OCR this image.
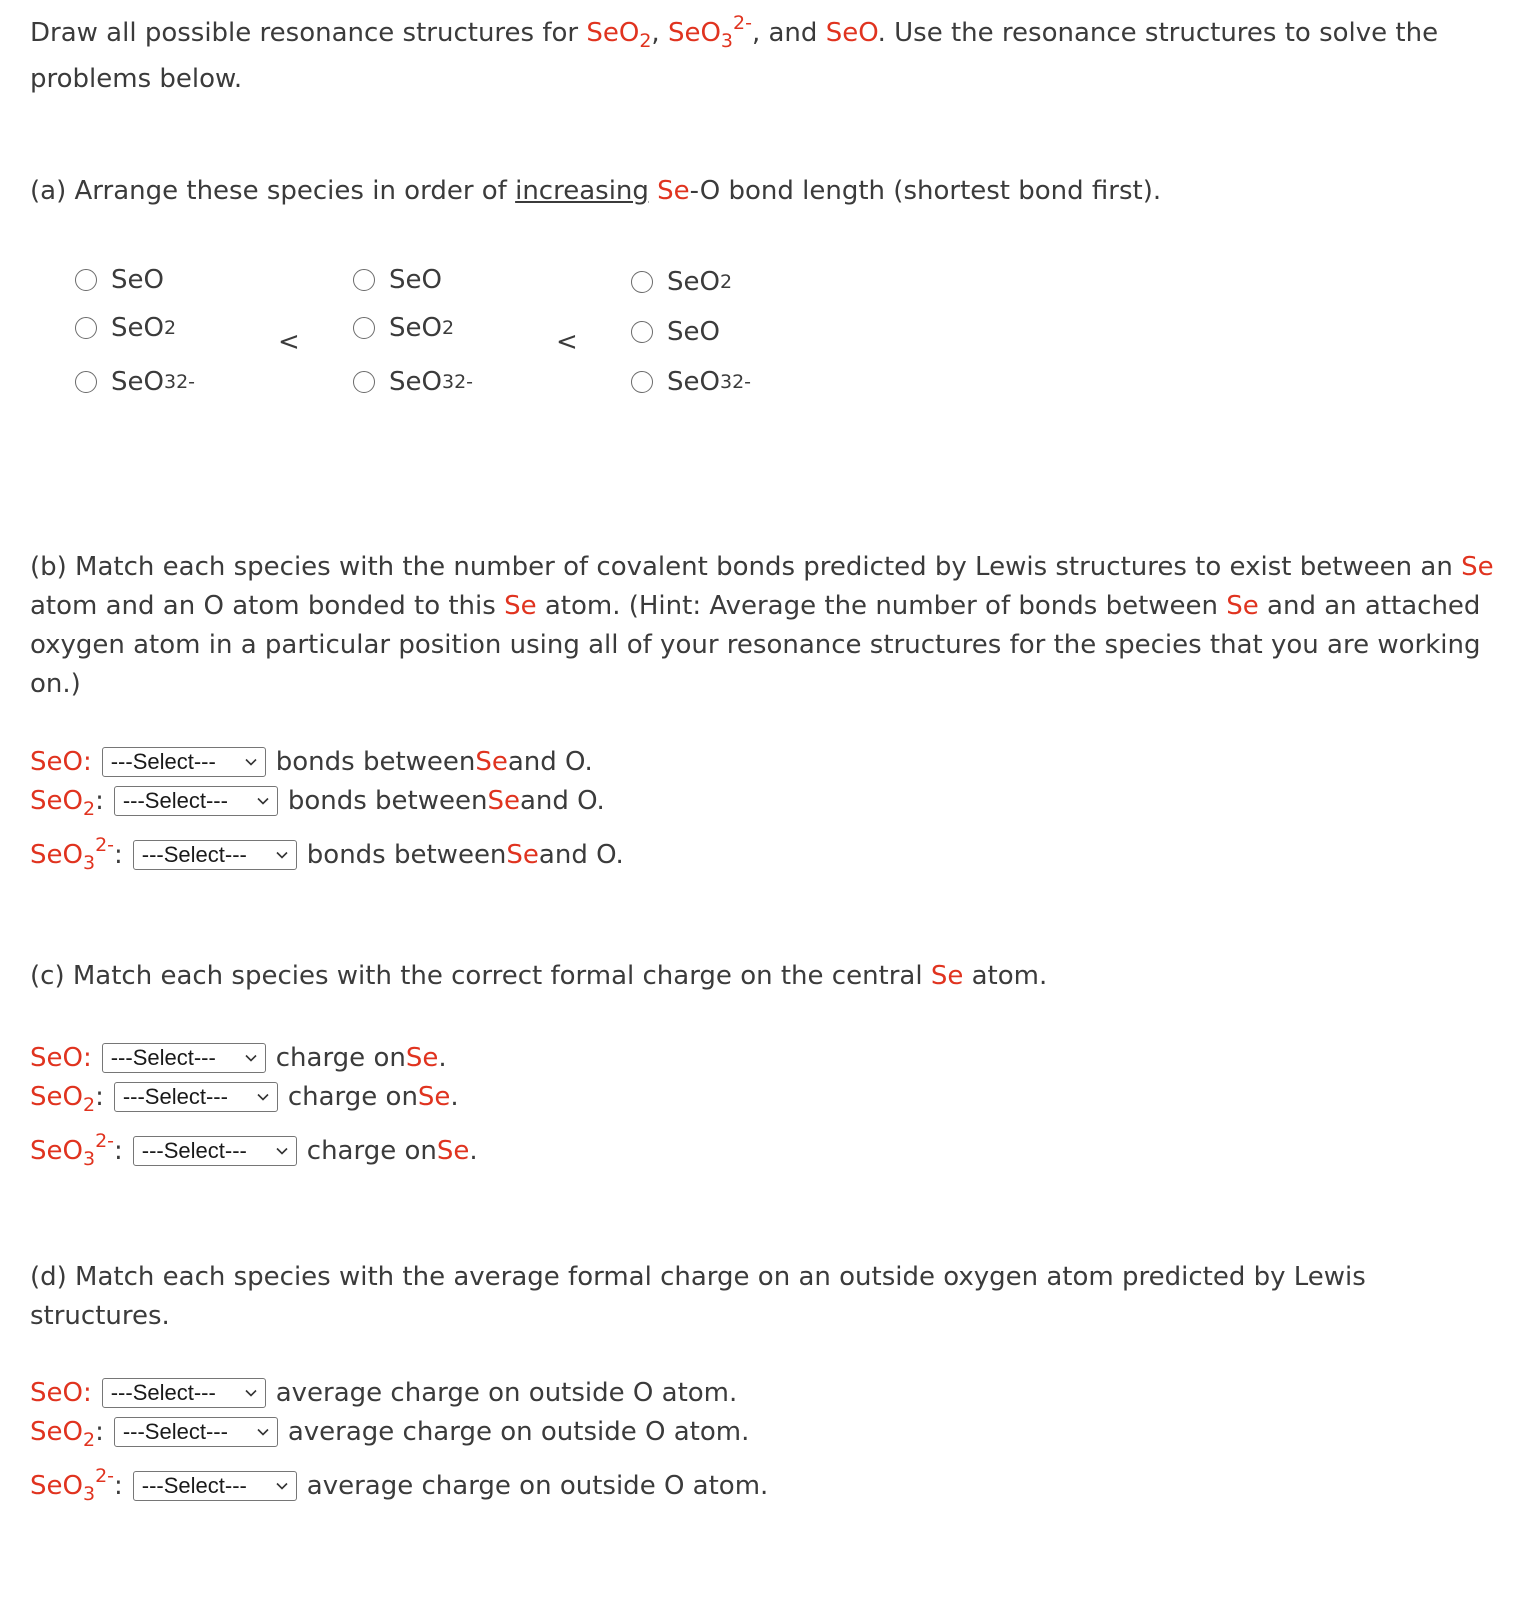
Draw all possible resonance structures for SeO$_2$, SeO$_3^{2-}$, and SeO. Use the resonance structures to solve the problems below.
(a) Arrange these species in order of increasing Se-O bond length (shortest bond first).
SeO
SeO 2
SeO 3 2-
<
SeO
SeO 2
SeO 3 2-
<
SeO 2
SeO
SeO 3 2-
(b) Match each species with the number of covalent bonds predicted by Lewis structures to exist between an Se atom and an O atom bonded to this Se atom. (Hint: Average the number of bonds between Se and an attached oxygen atom in a particular position using all of your resonance structures for the species that you are working on.)
SeO : ---Select--- bonds between Se and O.
SeO$_2$ : ---Select--- bonds between Se and O.
SeO$_3^{2-}$ : ---Select--- bonds between Se and O.
(c) Match each species with the correct formal charge on the central Se atom.
SeO : ---Select--- charge on Se .
SeO$_2$ : ---Select--- charge on Se .
SeO$_3^{2-}$ : ---Select--- charge on Se .
(d) Match each species with the average formal charge on an outside oxygen atom predicted by Lewis structures.
SeO : ---Select--- average charge on outside O atom.
SeO$_2$ : ---Select--- average charge on outside O atom.
SeO$_3^{2-}$ : ---Select--- average charge on outside O atom.
